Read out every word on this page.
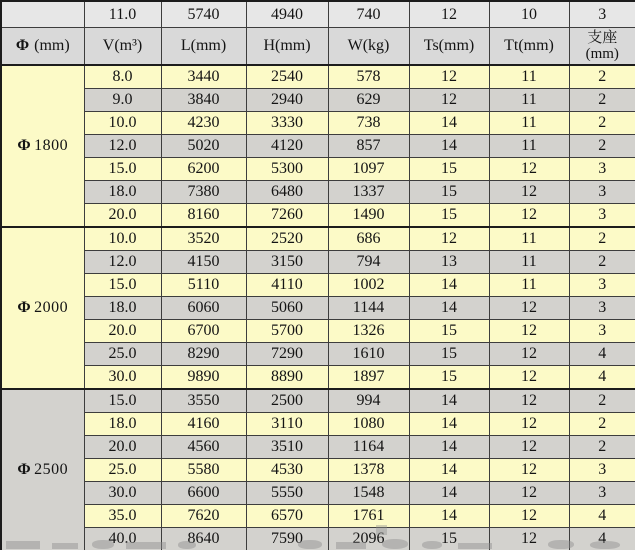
	11.0	5740	4940	740	12	10	3
Φ (mm)	V(m³)	L(mm)	H(mm)	W(kg)	Ts(mm)	Tt(mm)	支座
(mm)

Φ 1800	8.0	3440	2540	578	12	11	2
	9.0	3840	2940	629	12	11	2
	10.0	4230	3330	738	14	11	2
	12.0	5020	4120	857	14	11	2
	15.0	6200	5300	1097	15	12	3
	18.0	7380	6480	1337	15	12	3
	20.0	8160	7260	1490	15	12	3
Φ 2000	10.0	3520	2520	686	12	11	2
	12.0	4150	3150	794	13	11	2
	15.0	5110	4110	1002	14	11	3
	18.0	6060	5060	1144	14	12	3
	20.0	6700	5700	1326	15	12	3
	25.0	8290	7290	1610	15	12	4
	30.0	9890	8890	1897	15	12	4
Φ 2500	15.0	3550	2500	994	14	12	2
	18.0	4160	3110	1080	14	12	2
	20.0	4560	3510	1164	14	12	2
	25.0	5580	4530	1378	14	12	3
	30.0	6600	5550	1548	14	12	3
	35.0	7620	6570	1761	14	12	4
	40.0	8640	7590	2096	15	12	4
